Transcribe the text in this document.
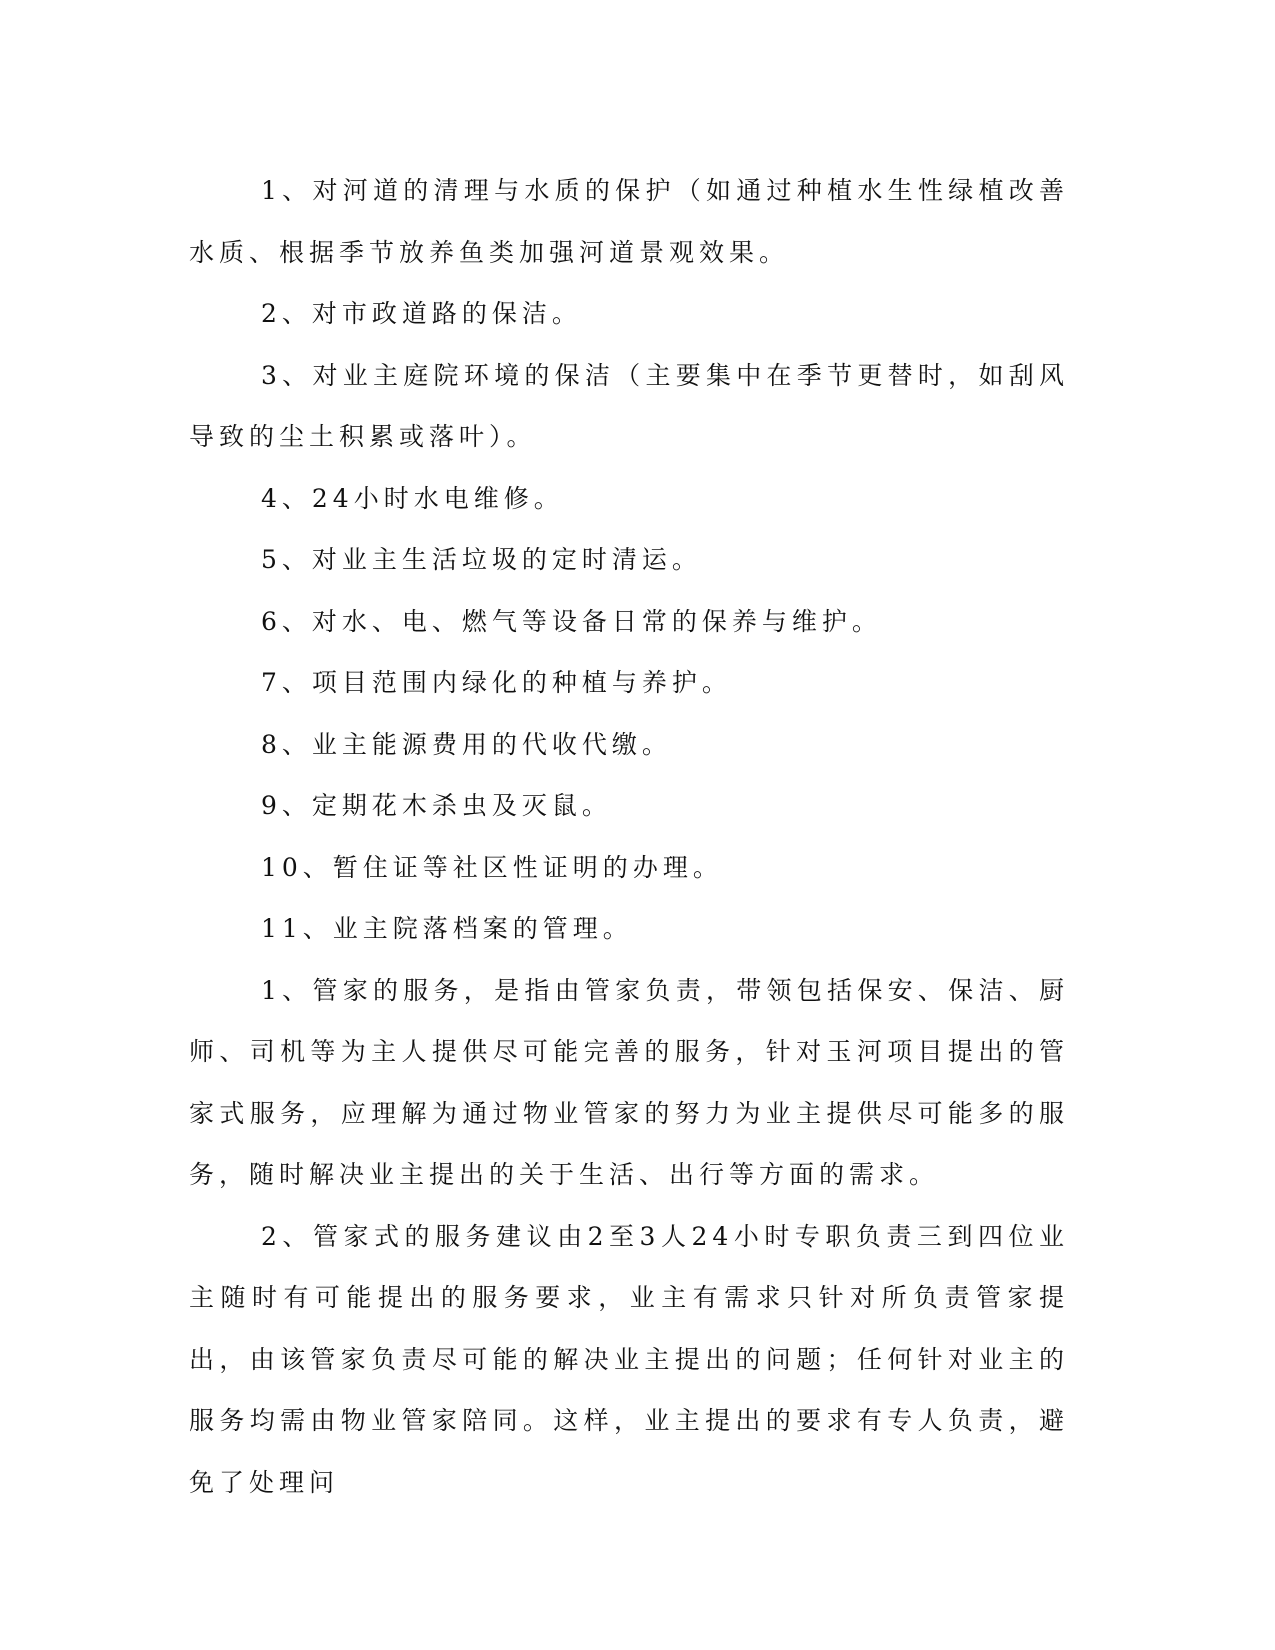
1、对河道的清理与水质的保护（如通过种植水生性绿植改善水质、根据季节放养鱼类加强河道景观效果。

2、对市政道路的保洁。

3、对业主庭院环境的保洁（主要集中在季节更替时，如刮风导致的尘土积累或落叶）。

4、24小时水电维修。

5、对业主生活垃圾的定时清运。

6、对水、电、燃气等设备日常的保养与维护。

7、项目范围内绿化的种植与养护。

8、业主能源费用的代收代缴。

9、定期花木杀虫及灭鼠。

10、暂住证等社区性证明的办理。

11、业主院落档案的管理。

1、管家的服务，是指由管家负责，带领包括保安、保洁、厨师、司机等为主人提供尽可能完善的服务，针对玉河项目提出的管家式服务，应理解为通过物业管家的努力为业主提供尽可能多的服务，随时解决业主提出的关于生活、出行等方面的需求。

2、管家式的服务建议由2至3人24小时专职负责三到四位业主随时有可能提出的服务要求，业主有需求只针对所负责管家提出，由该管家负责尽可能的解决业主提出的问题；任何针对业主的服务均需由物业管家陪同。这样，业主提出的要求有专人负责，避免了处理问
